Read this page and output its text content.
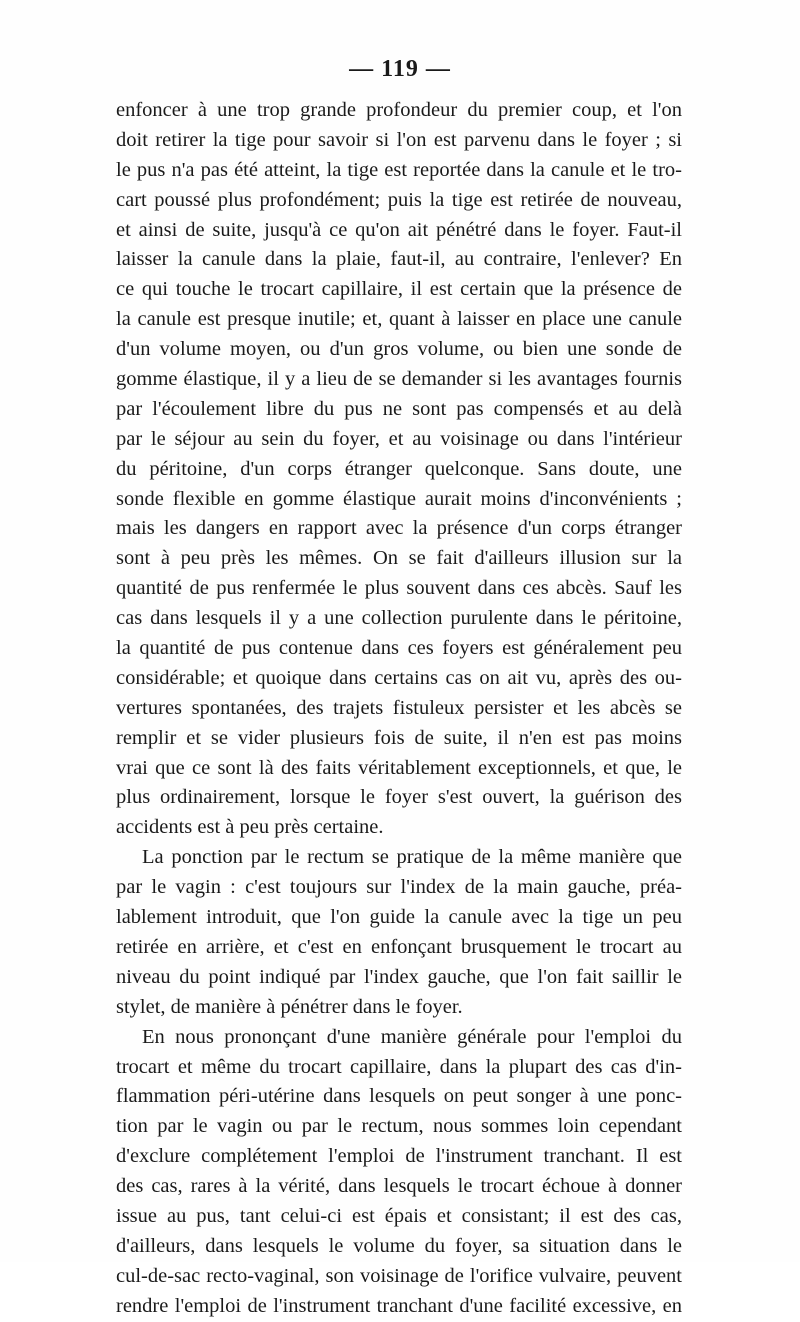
— 119 —
enfoncer à une trop grande profondeur du premier coup, et l'on
doit retirer la tige pour savoir si l'on est parvenu dans le foyer ; si
le pus n'a pas été atteint, la tige est reportée dans la canule et le tro-
cart poussé plus profondément; puis la tige est retirée de nouveau,
et ainsi de suite, jusqu'à ce qu'on ait pénétré dans le foyer. Faut-il
laisser la canule dans la plaie, faut-il, au contraire, l'enlever? En
ce qui touche le trocart capillaire, il est certain que la présence de
la canule est presque inutile; et, quant à laisser en place une canule
d'un volume moyen, ou d'un gros volume, ou bien une sonde de
gomme élastique, il y a lieu de se demander si les avantages fournis
par l'écoulement libre du pus ne sont pas compensés et au delà
par le séjour au sein du foyer, et au voisinage ou dans l'intérieur
du péritoine, d'un corps étranger quelconque. Sans doute, une
sonde flexible en gomme élastique aurait moins d'inconvénients ;
mais les dangers en rapport avec la présence d'un corps étranger
sont à peu près les mêmes. On se fait d'ailleurs illusion sur la
quantité de pus renfermée le plus souvent dans ces abcès. Sauf les
cas dans lesquels il y a une collection purulente dans le péritoine,
la quantité de pus contenue dans ces foyers est généralement peu
considérable; et quoique dans certains cas on ait vu, après des ou-
vertures spontanées, des trajets fistuleux persister et les abcès se
remplir et se vider plusieurs fois de suite, il n'en est pas moins
vrai que ce sont là des faits véritablement exceptionnels, et que, le
plus ordinairement, lorsque le foyer s'est ouvert, la guérison des
accidents est à peu près certaine.
La ponction par le rectum se pratique de la même manière que
par le vagin : c'est toujours sur l'index de la main gauche, préa-
lablement introduit, que l'on guide la canule avec la tige un peu
retirée en arrière, et c'est en enfonçant brusquement le trocart au
niveau du point indiqué par l'index gauche, que l'on fait saillir le
stylet, de manière à pénétrer dans le foyer.
En nous prononçant d'une manière générale pour l'emploi du
trocart et même du trocart capillaire, dans la plupart des cas d'in-
flammation péri-utérine dans lesquels on peut songer à une ponc-
tion par le vagin ou par le rectum, nous sommes loin cependant
d'exclure complétement l'emploi de l'instrument tranchant. Il est
des cas, rares à la vérité, dans lesquels le trocart échoue à donner
issue au pus, tant celui-ci est épais et consistant; il est des cas,
d'ailleurs, dans lesquels le volume du foyer, sa situation dans le
cul-de-sac recto-vaginal, son voisinage de l'orifice vulvaire, peuvent
rendre l'emploi de l'instrument tranchant d'une facilité excessive, en
